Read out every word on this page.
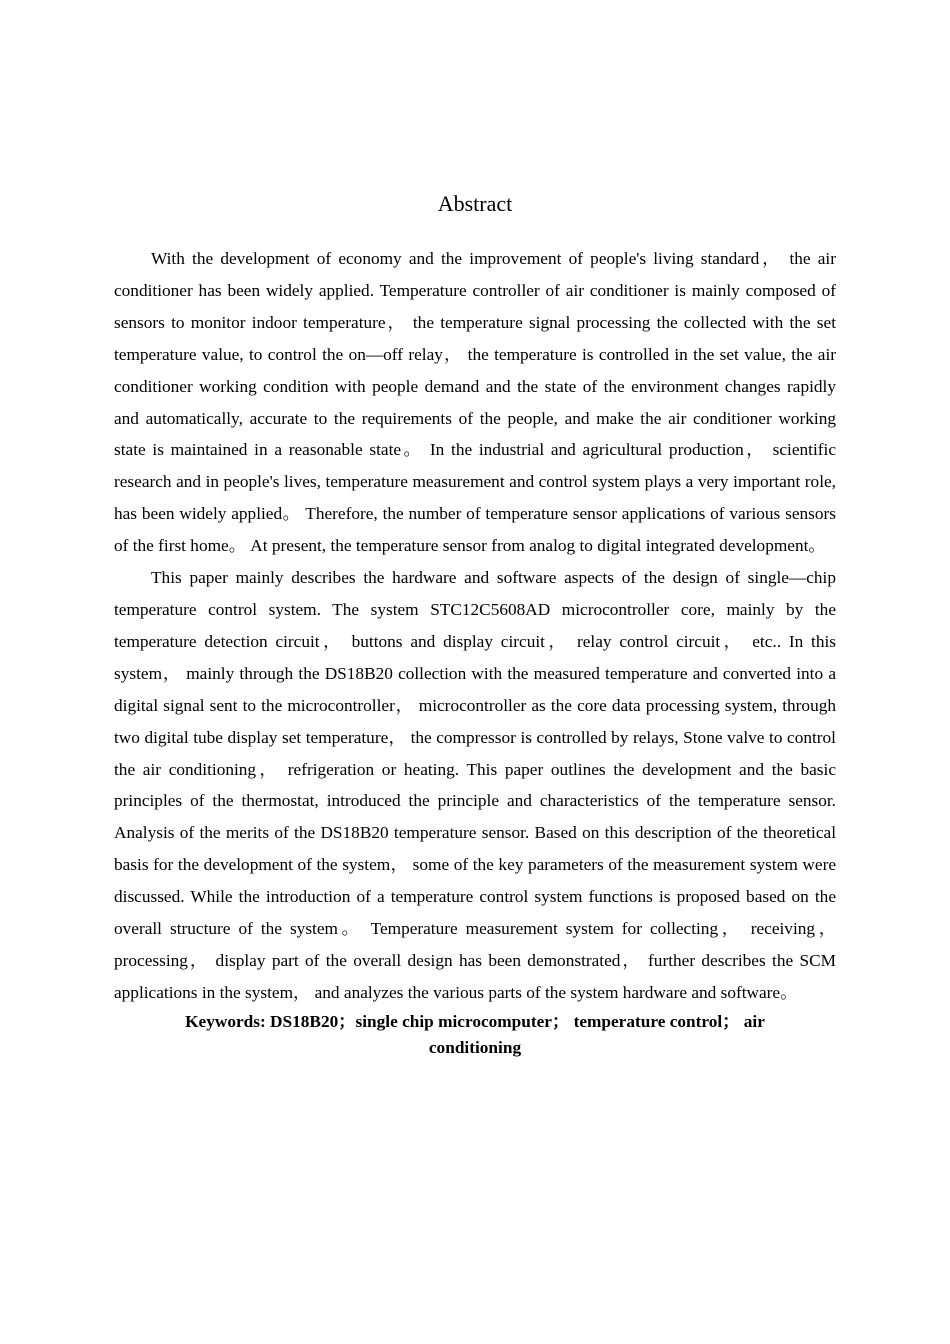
Abstract

With the development of economy and the improvement of people's living standard， the air conditioner has been widely applied. Temperature controller of air conditioner is mainly composed of sensors to monitor indoor temperature， the temperature signal processing the collected with the set temperature value, to control the on—off relay， the temperature is controlled in the set value, the air conditioner working condition with people demand and the state of the environment changes rapidly and automatically, accurate to the requirements of the people, and make the air conditioner working state is maintained in a reasonable state。 In the industrial and agricultural production， scientific research and in people's lives, temperature measurement and control system plays a very important role, has been widely applied。 Therefore, the number of temperature sensor applications of various sensors of the first home。 At present, the temperature sensor from analog to digital integrated development。

This paper mainly describes the hardware and software aspects of the design of single—chip temperature control system. The system STC12C5608AD microcontroller core, mainly by the temperature detection circuit， buttons and display circuit， relay control circuit， etc.. In this system， mainly through the DS18B20 collection with the measured temperature and converted into a digital signal sent to the microcontroller， microcontroller as the core data processing system, through two digital tube display set temperature， the compressor is controlled by relays, Stone valve to control the air conditioning， refrigeration or heating. This paper outlines the development and the basic principles of the thermostat, introduced the principle and characteristics of the temperature sensor. Analysis of the merits of the DS18B20 temperature sensor. Based on this description of the theoretical basis for the development of the system， some of the key parameters of the measurement system were discussed. While the introduction of a temperature control system functions is proposed based on the overall structure of the system。 Temperature measurement system for collecting， receiving， processing， display part of the overall design has been demonstrated， further describes the SCM applications in the system， and analyzes the various parts of the system hardware and software。

Keywords: DS18B20；single chip microcomputer； temperature control； air conditioning
